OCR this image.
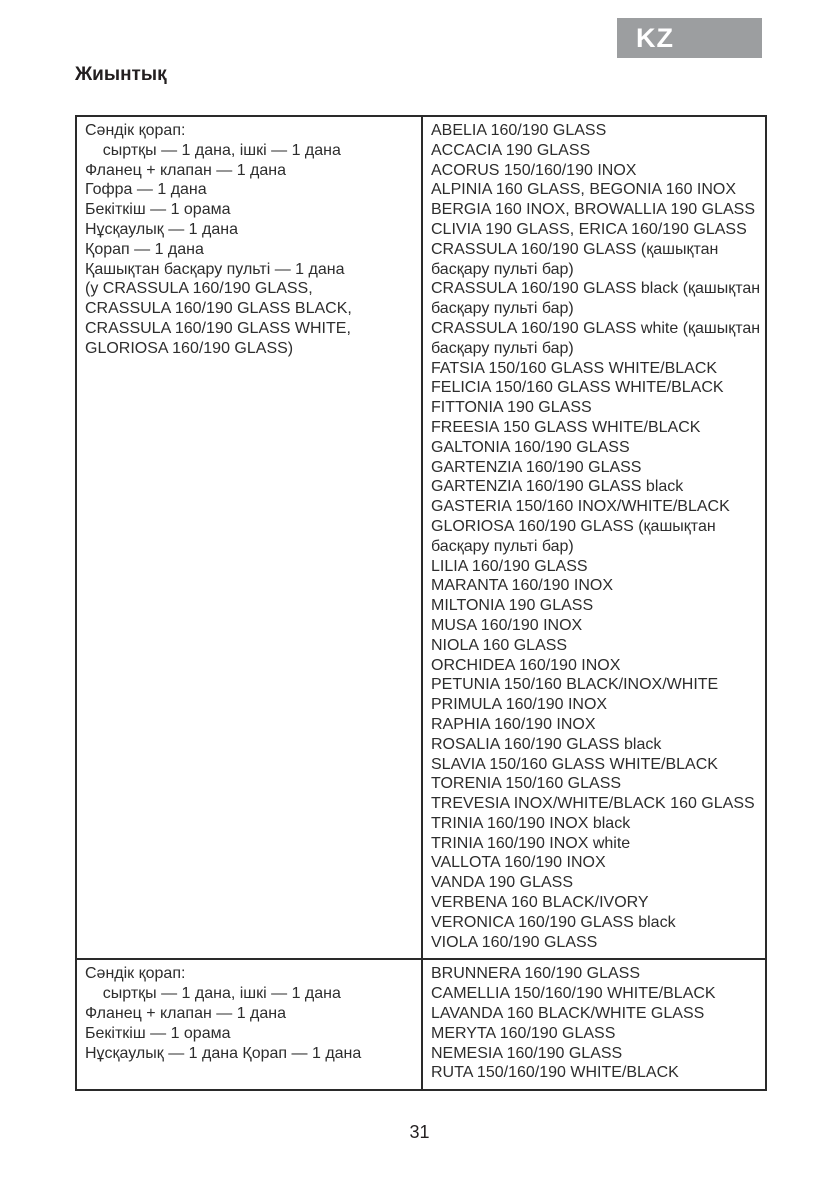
KZ
Жиынтық
Сәндік қорап:
сыртқы — 1 дана, ішкі — 1 дана
Фланец + клапан — 1 дана
Гофра — 1 дана
Бекіткіш — 1 орама
Нұсқаулық — 1 дана
Қорап — 1 дана
Қашықтан басқару пульті — 1 дана
(у CRASSULA 160/190 GLASS,
CRASSULA 160/190 GLASS BLACK,
CRASSULA 160/190 GLASS WHITE,
GLORIOSA 160/190 GLASS)

ABELIA 160/190 GLASS
ACCACIA 190 GLASS
ACORUS 150/160/190 INOX
ALPINIA 160 GLASS, BEGONIA 160 INOX
BERGIA 160 INOX, BROWALLIA 190 GLASS
CLIVIA 190 GLASS, ERICA 160/190 GLASS
CRASSULA 160/190 GLASS (қашықтан
басқару пульті бар)
CRASSULA 160/190 GLASS black (қашықтан
басқару пульті бар)
CRASSULA 160/190 GLASS white (қашықтан
басқару пульті бар)
FATSIA 150/160 GLASS WHITE/BLACK
FELICIA 150/160 GLASS WHITE/BLACK
FITTONIA 190 GLASS
FREESIA 150 GLASS WHITE/BLACK
GALTONIA 160/190 GLASS
GARTENZIA 160/190 GLASS
GARTENZIA 160/190 GLASS black
GASTERIA 150/160 INOX/WHITE/BLACK
GLORIOSA 160/190 GLASS (қашықтан
басқару пульті бар)
LILIA 160/190 GLASS
MARANTA 160/190 INOX
MILTONIA 190 GLASS
MUSA 160/190 INOX
NIOLA 160 GLASS
ORCHIDEA 160/190 INOX
PETUNIA 150/160 BLACK/INOX/WHITE
PRIMULA 160/190 INOX
RAPHIA 160/190 INOX
ROSALIA 160/190 GLASS black
SLAVIA 150/160 GLASS WHITE/BLACK
TORENIA 150/160 GLASS
TREVESIA INOX/WHITE/BLACK 160 GLASS
TRINIA 160/190 INOX black
TRINIA 160/190 INOX white
VALLOTA 160/190 INOX
VANDA 190 GLASS
VERBENA 160 BLACK/IVORY
VERONICA 160/190 GLASS black
VIOLA 160/190 GLASS

Сәндік қорап:
сыртқы — 1 дана, ішкі — 1 дана
Фланец + клапан — 1 дана
Бекіткіш — 1 орама
Нұсқаулық — 1 дана Қорап — 1 дана

BRUNNERA 160/190 GLASS
CAMELLIA 150/160/190 WHITE/BLACK
LAVANDA 160 BLACK/WHITE GLASS
MERYTA 160/190 GLASS
NEMESIA 160/190 GLASS
RUTA 150/160/190 WHITE/BLACK
31
